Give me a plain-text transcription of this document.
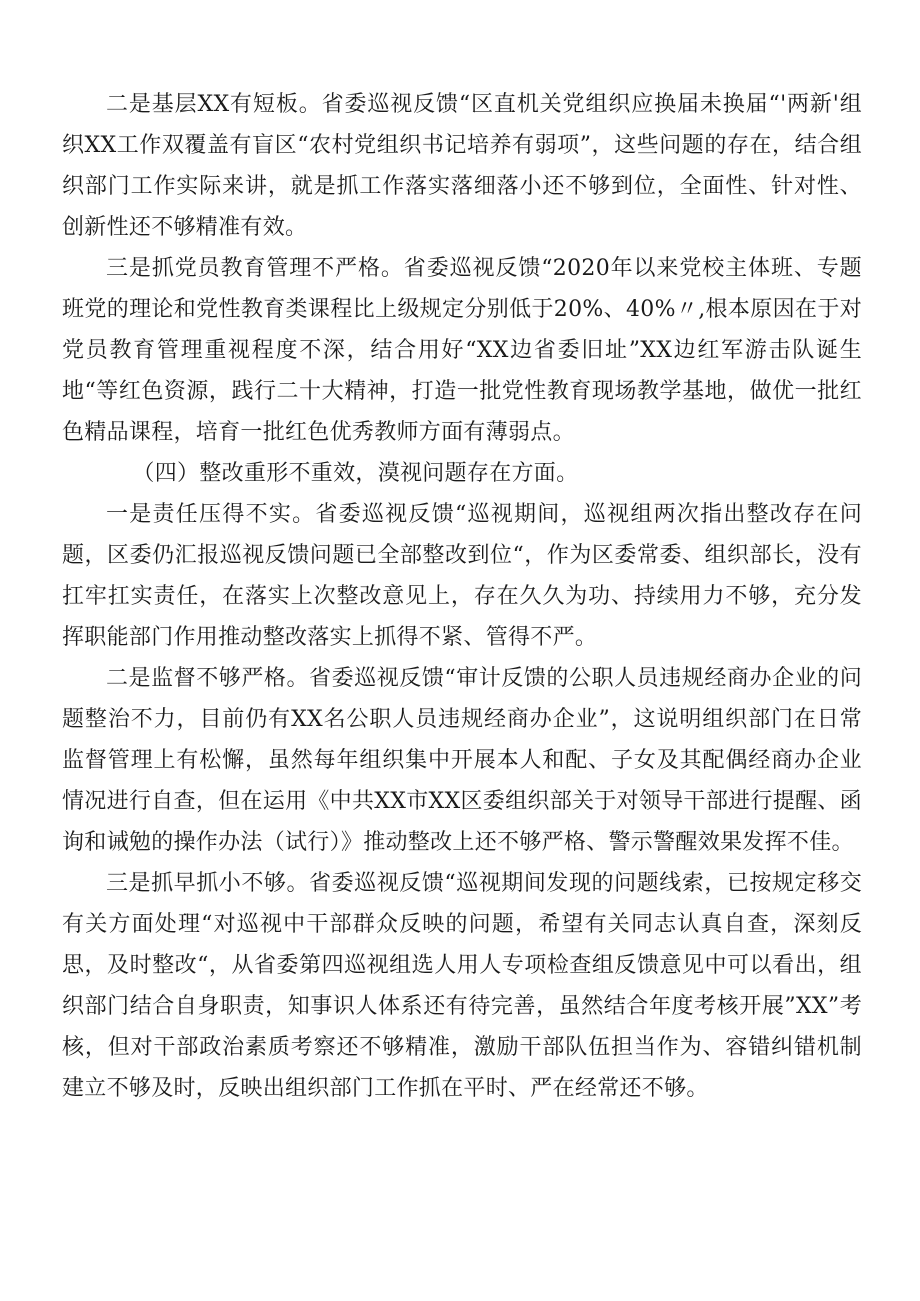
二是基层XX有短板。省委巡视反馈“区直机关党组织应换届未换届“'两新'组织XX工作双覆盖有盲区“农村党组织书记培养有弱项”，这些问题的存在，结合组织部门工作实际来讲，就是抓工作落实落细落小还不够到位，全面性、针对性、创新性还不够精准有效。

三是抓党员教育管理不严格。省委巡视反馈“2020年以来党校主体班、专题班党的理论和党性教育类课程比上级规定分别低于20%、40%〃,根本原因在于对党员教育管理重视程度不深，结合用好“XX边省委旧址”XX边红军游击队诞生地“等红色资源，践行二十大精神，打造一批党性教育现场教学基地，做优一批红色精品课程，培育一批红色优秀教师方面有薄弱点。

（四）整改重形不重效，漠视问题存在方面。

一是责任压得不实。省委巡视反馈“巡视期间，巡视组两次指出整改存在问题，区委仍汇报巡视反馈问题已全部整改到位“，作为区委常委、组织部长，没有扛牢扛实责任，在落实上次整改意见上，存在久久为功、持续用力不够，充分发挥职能部门作用推动整改落实上抓得不紧、管得不严。

二是监督不够严格。省委巡视反馈“审计反馈的公职人员违规经商办企业的问题整治不力，目前仍有XX名公职人员违规经商办企业”，这说明组织部门在日常监督管理上有松懈，虽然每年组织集中开展本人和配、子女及其配偶经商办企业情况进行自查，但在运用《中共XX市XX区委组织部关于对领导干部进行提醒、函询和诫勉的操作办法（试行）》推动整改上还不够严格、警示警醒效果发挥不佳。

三是抓早抓小不够。省委巡视反馈“巡视期间发现的问题线索，已按规定移交有关方面处理“对巡视中干部群众反映的问题，希望有关同志认真自查，深刻反思，及时整改“，从省委第四巡视组选人用人专项检查组反馈意见中可以看出，组织部门结合自身职责，知事识人体系还有待完善，虽然结合年度考核开展”XX”考核，但对干部政治素质考察还不够精准，激励干部队伍担当作为、容错纠错机制建立不够及时，反映出组织部门工作抓在平时、严在经常还不够。
